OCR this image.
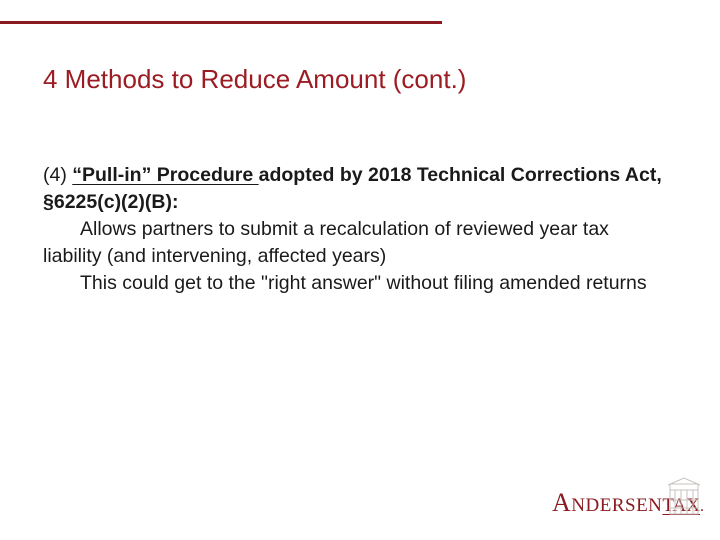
4 Methods to Reduce Amount (cont.)

(4) “Pull-in” Procedure adopted by 2018 Technical Corrections Act, §6225(c)(2)(B):

Allows partners to submit a recalculation of reviewed year tax liability (and intervening, affected years)

This could get to the "right answer" without filing amended returns

A NDERSEN TAX .
